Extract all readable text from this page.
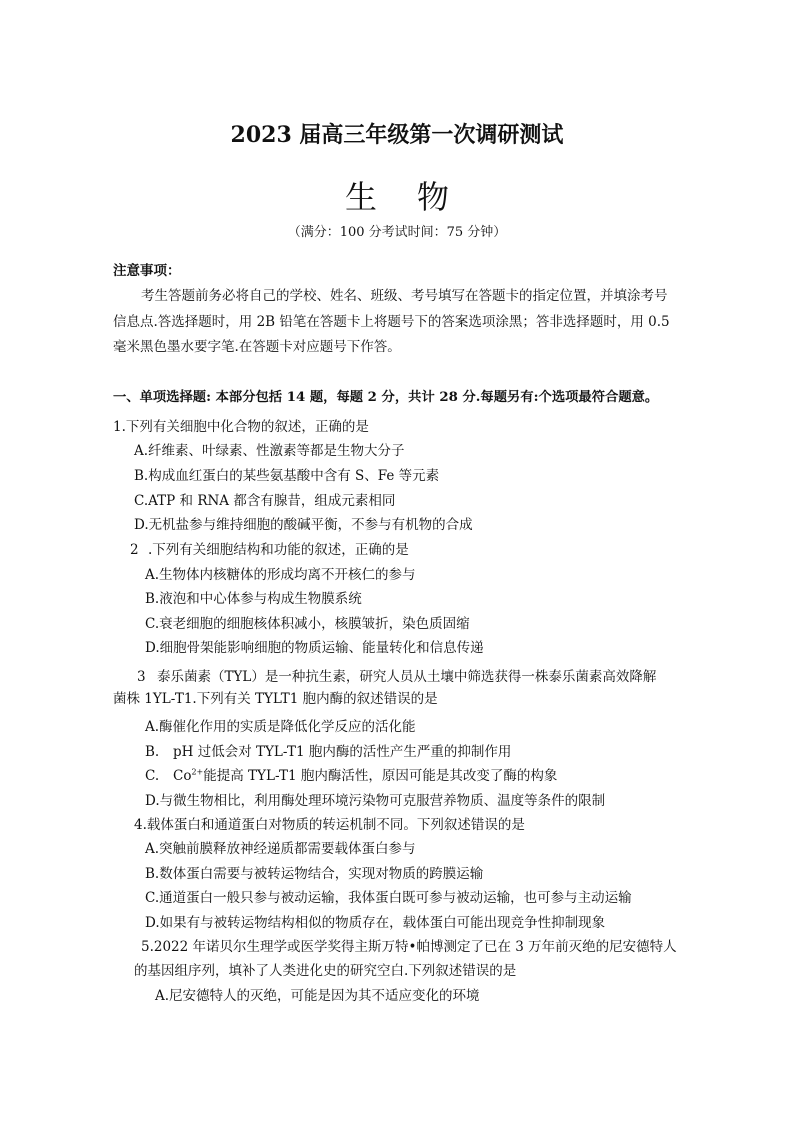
2023 届高三年级第一次调研测试
生物
（满分：100 分考试时间：75 分钟）
注意事项：
考生答题前务必将自己的学校、姓名、班级、考号填写在答题卡的指定位置，并填涂考号
信息点.答选择题时，用 2B 铅笔在答题卡上将题号下的答案选项涂黑；答非选择题时，用 0.5
毫米黑色墨水要字笔.在答题卡对应题号下作答。
一、单项选择题: 本部分包括 14 题，每题 2 分，共计 28 分.每题另有:个选项最符合题意。
1.下列有关细胞中化合物的叙述，正确的是
A.纤维素、叶绿素、性激素等都是生物大分子
B.构成血红蛋白的某些氨基酸中含有 S、Fe 等元素
C.ATP 和 RNA 都含有腺昔，组成元素相同
D.无机盐参与维持细胞的酸碱平衡，不参与有机物的合成
2 .下列有关细胞结构和功能的叙述，正确的是
A.生物体内核糖体的形成均离不开核仁的参与
B.液泡和中心体参与构成生物膜系统
C.衰老细胞的细胞核体积减小，核膜皱折，染色质固缩
D.细胞骨架能影响细胞的物质运输、能量转化和信息传递
3 泰乐菌素（TYL）是一种抗生素，研究人员从土壤中筛选获得一株泰乐菌素高效降解
菌株 1YL-T1.下列有关 TYLT1 胞内酶的叙述错误的是
A.酶催化作用的实质是降低化学反应的活化能
B. pH 过低会对 TYL-T1 胞内酶的活性产生严重的抑制作用
C. $Co^{2+}$能提高 TYL-T1 胞内酶活性，原因可能是其改变了酶的构象
D.与微生物相比，利用酶处理环境污染物可克服营养物质、温度等条件的限制
4.载体蛋白和通道蛋白对物质的转运机制不同。下列叙述错误的是
A.突触前膜释放神经递质都需要载体蛋白参与
B.数体蛋白需要与被转运物结合，实现对物质的跨膜运输
C.通道蛋白一般只参与被动运输，我体蛋白既可参与被动运输，也可参与主动运输
D.如果有与被转运物结构相似的物质存在，载体蛋白可能出现竞争性抑制现象
5.2022 年诺贝尔生理学或医学奖得主斯万特•帕博测定了已在 3 万年前灭绝的尼安德特人
的基因组序列，填补了人类进化史的研究空白.下列叙述错误的是
A.尼安德特人的灭绝，可能是因为其不适应变化的环境
